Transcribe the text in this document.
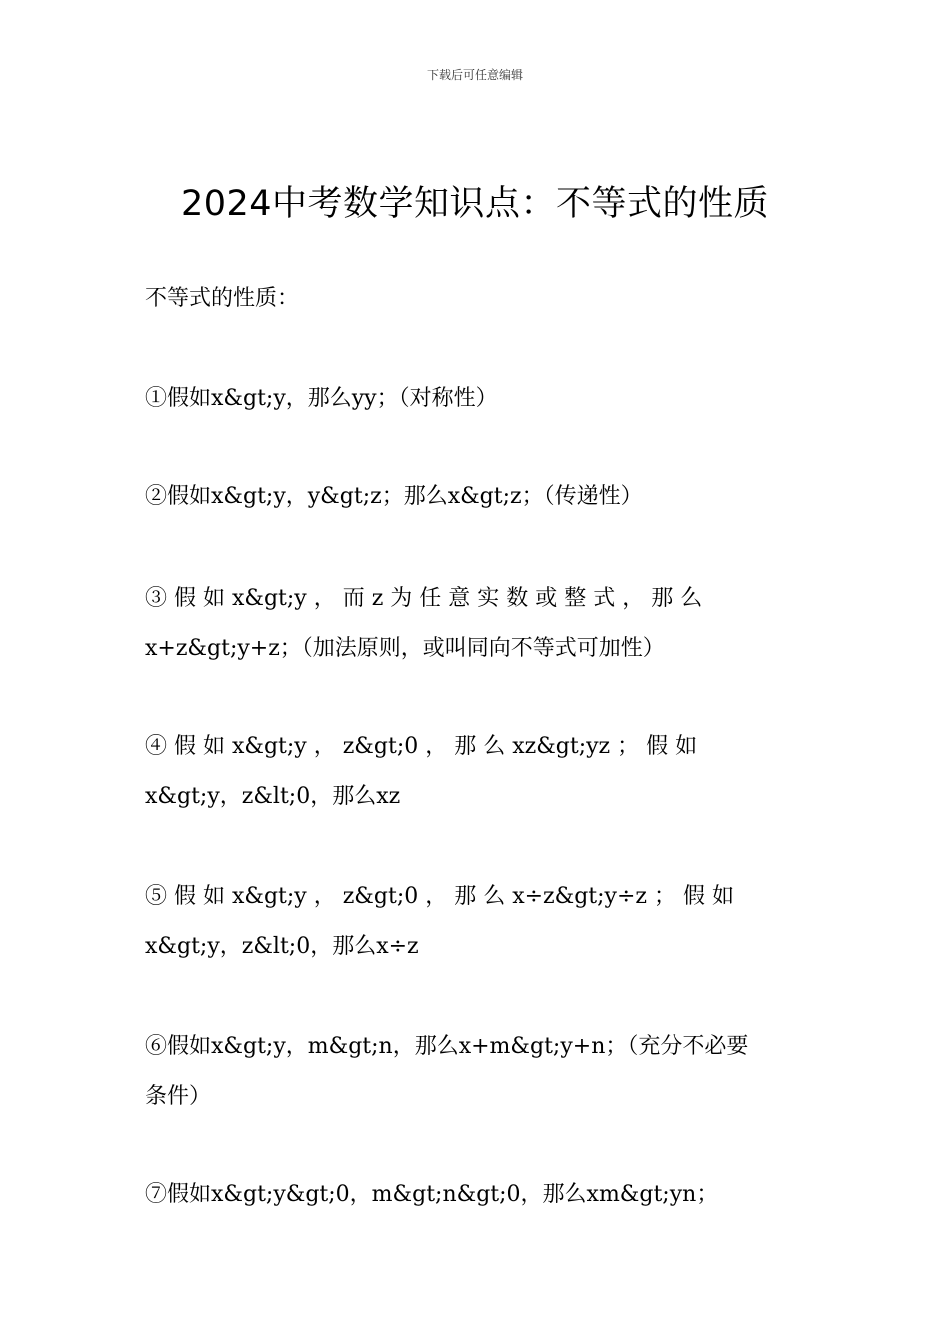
下载后可任意编辑
2024中考数学知识点：不等式的性质
不等式的性质：
①假如x&gt;y，那么yy；（对称性）
②假如x&gt;y，y&gt;z；那么x&gt;z；（传递性）
③ 假 如 x&gt;y ， 而 z 为 任 意 实 数 或 整 式 ， 那 么
x+z&gt;y+z；（加法原则，或叫同向不等式可加性）
④ 假 如 x&gt;y ， z&gt;0 ， 那 么 xz&gt;yz ； 假 如
x&gt;y，z&lt;0，那么xz
⑤ 假 如 x&gt;y ， z&gt;0 ， 那 么 x÷z&gt;y÷z ； 假 如
x&gt;y，z&lt;0，那么x÷z
⑥假如x&gt;y，m&gt;n，那么x+m&gt;y+n；（充分不必要
条件）
⑦假如x&gt;y&gt;0，m&gt;n&gt;0，那么xm&gt;yn；
